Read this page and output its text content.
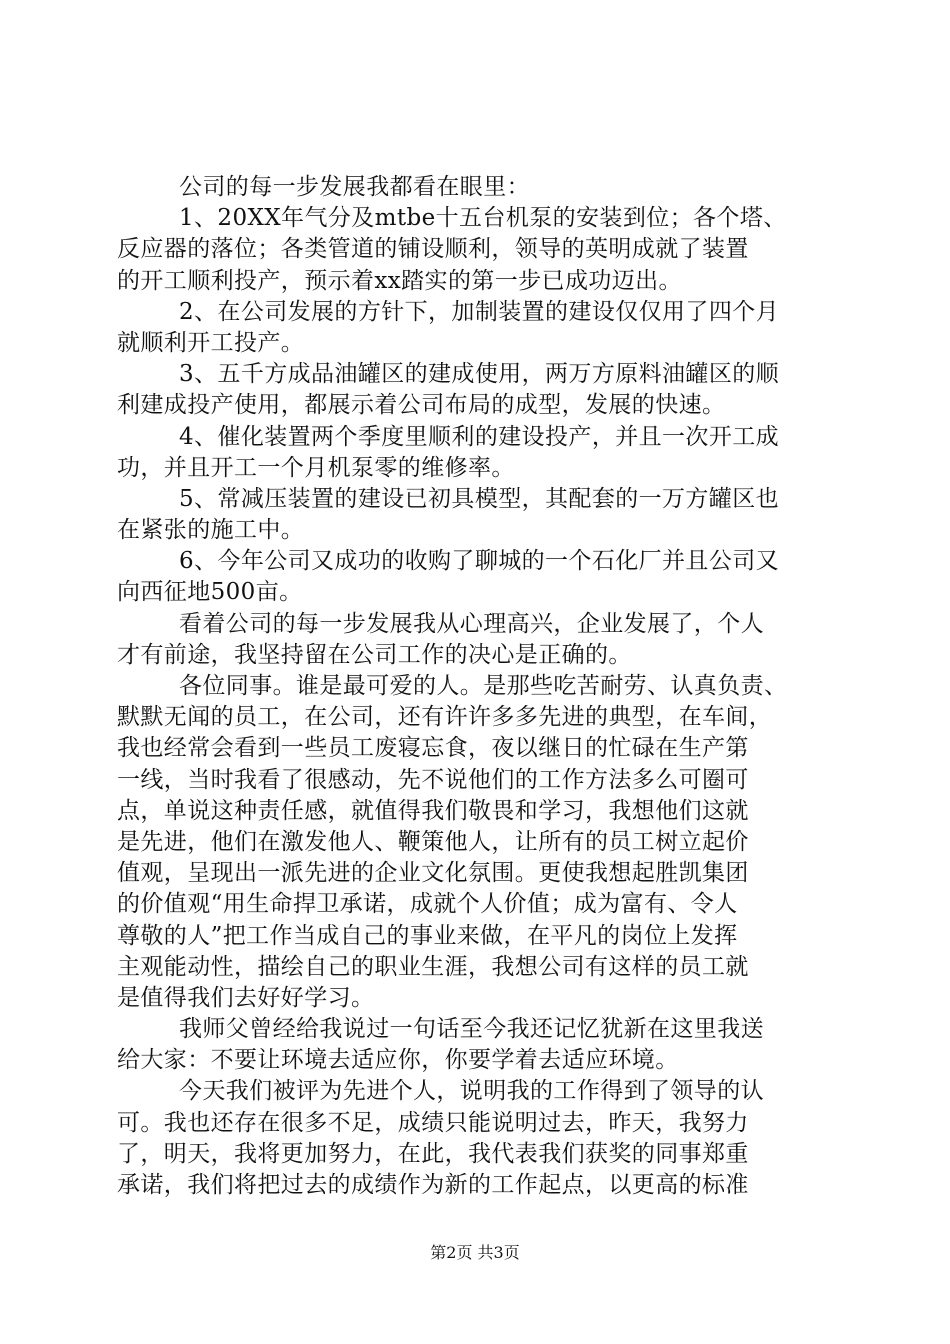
公司的每一步发展我都看在眼里：
1、20XX年气分及mtbe十五台机泵的安装到位；各个塔、
反应器的落位；各类管道的铺设顺利，领导的英明成就了装置
的开工顺利投产，预示着xx踏实的第一步已成功迈出。
2、在公司发展的方针下，加制装置的建设仅仅用了四个月
就顺利开工投产。
3、五千方成品油罐区的建成使用，两万方原料油罐区的顺
利建成投产使用，都展示着公司布局的成型，发展的快速。
4、催化装置两个季度里顺利的建设投产，并且一次开工成
功，并且开工一个月机泵零的维修率。
5、常减压装置的建设已初具模型，其配套的一万方罐区也
在紧张的施工中。
6、今年公司又成功的收购了聊城的一个石化厂并且公司又
向西征地500亩。
看着公司的每一步发展我从心理高兴，企业发展了，个人
才有前途，我坚持留在公司工作的决心是正确的。
各位同事。谁是最可爱的人。是那些吃苦耐劳、认真负责、
默默无闻的员工，在公司，还有许许多多先进的典型，在车间，
我也经常会看到一些员工废寝忘食，夜以继日的忙碌在生产第
一线，当时我看了很感动，先不说他们的工作方法多么可圈可
点，单说这种责任感，就值得我们敬畏和学习，我想他们这就
是先进，他们在激发他人、鞭策他人，让所有的员工树立起价
值观，呈现出一派先进的企业文化氛围。更使我想起胜凯集团
的价值观“用生命捍卫承诺，成就个人价值；成为富有、令人
尊敬的人”把工作当成自己的事业来做，在平凡的岗位上发挥
主观能动性，描绘自己的职业生涯，我想公司有这样的员工就
是值得我们去好好学习。
我师父曾经给我说过一句话至今我还记忆犹新在这里我送
给大家：不要让环境去适应你，你要学着去适应环境。
今天我们被评为先进个人，说明我的工作得到了领导的认
可。我也还存在很多不足，成绩只能说明过去，昨天，我努力
了，明天，我将更加努力，在此，我代表我们获奖的同事郑重
承诺，我们将把过去的成绩作为新的工作起点，以更高的标准
第2页 共3页
